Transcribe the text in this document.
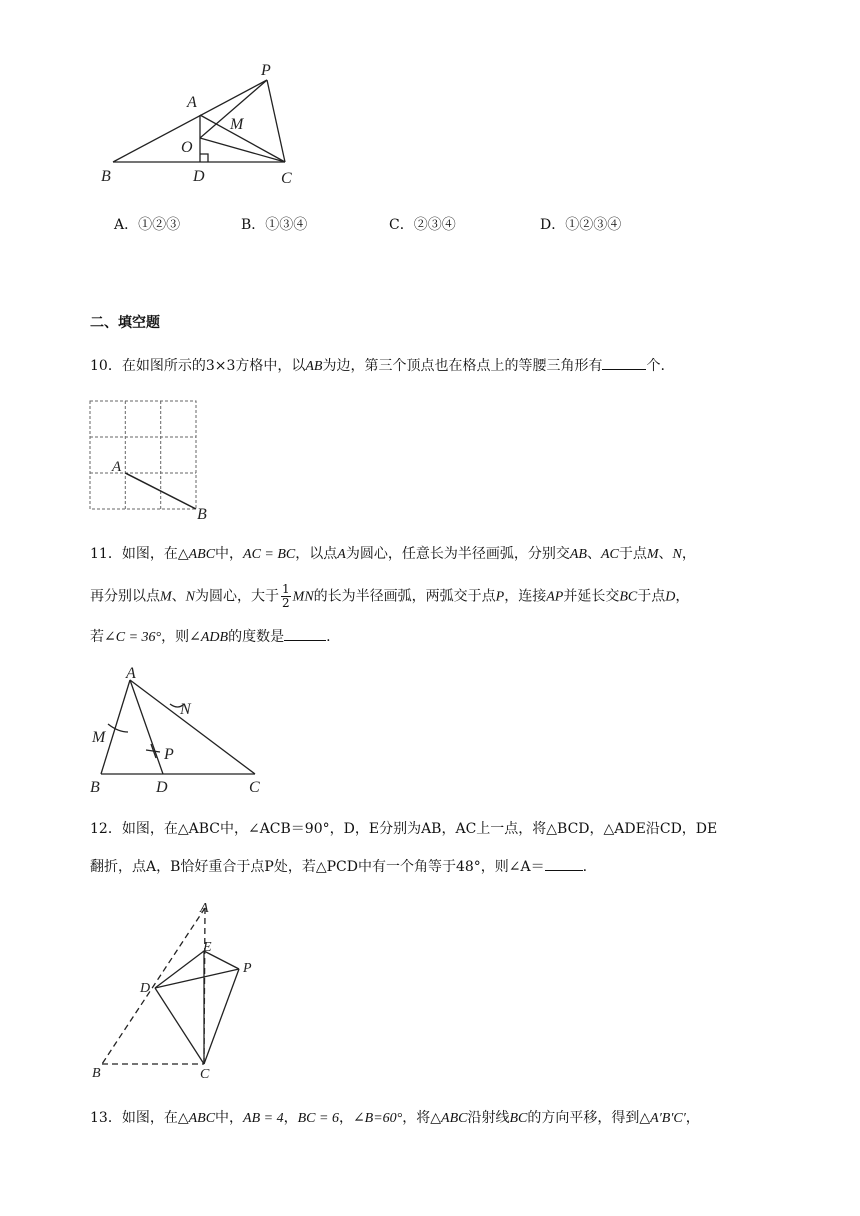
P
A
M
O
B	D	C
A．①②③	B．①③④	C．②③④	D．①②③④
二、填空题
10．在如图所示的3×3方格中，以AB为边，第三个顶点也在格点上的等腰三角形有	个.
A
B
11．如图，在△ABC中，AC = BC，以点A为圆心，任意长为半径画弧，分别交AB、AC于点M、N，
再分别以点M、N为圆心，大于 $\frac{1}{2}$ MN的长为半径画弧，两弧交于点P，连接AP并延长交BC于点D，
若∠C = 36°，则∠ADB的度数是	.
A
N
M
P
B	D	C
12．如图，在△ABC中，∠ACB＝90°，D，E分别为AB，AC上一点，将△BCD，△ADE沿CD，DE
翻折，点A，B恰好重合于点P处，若△PCD中有一个角等于48°，则∠A＝	.
A
E
P
D
B	C
13．如图，在△ABC中，AB = 4，BC = 6，∠B=60°，将△ABC沿射线BC的方向平移，得到△A′B′C′，
